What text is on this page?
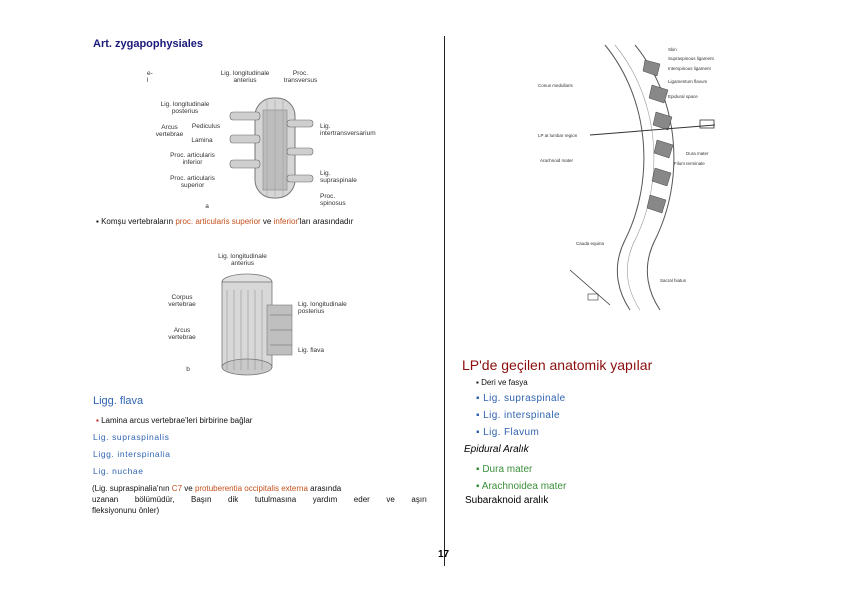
Art. zygapophysiales
Lig. longitudinale anterius
Proc. transversus
Lig. longitudinale posterius
Pediculus
Arcus vertebrae
Lamina
Lig. intertransversarium
Proc. articularis inferior
Proc. articularis superior
Lig. supraspinale
Proc. spinosus
a
e-
l
▪ Komşu vertebraların proc. articularis superior ve inferior'ları arasındadır
Lig. longitudinale anterius
Corpus vertebrae
Arcus vertebrae
Lig. longitudinale posterius
Lig. flava
b
Ligg. flava
▪ Lamina arcus vertebrae'leri birbirine bağlar
Lig. supraspinalis
Ligg. interspinalia
Lig. nuchae
(Lig. supraspinalia'nın C7 ve protuberentia occipitalis externa arasında
uzanan bölümüdür, Başın dik tutulmasına yardım eder ve aşırı
fleksiyonunu önler)
Skin
Supraspinous ligament
Interspinous ligament
Ligamentum flavum
Epidural space
Conus medullaris
LP at lumbar region
Arachnoid mater
Dura mater
Filum terminale
Cauda equina
Sacral hiatus
LP'de geçilen anatomik yapılar
▪ Deri ve fasya
▪ Lig. supraspinale
▪ Lig. interspinale
▪ Lig. Flavum
Epidural Aralık
▪ Dura mater
▪ Arachnoidea mater
Subaraknoid aralık
17
